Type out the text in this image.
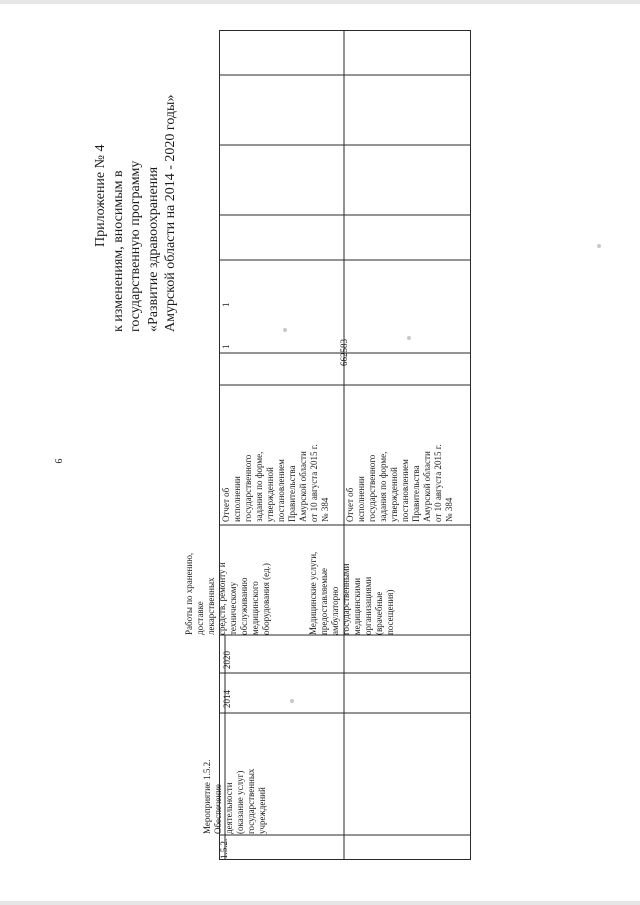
9
Приложение № 4 к изменениям, вносимым в государственную программу «Развитие здравоохранения Амурской области на 2014 - 2020 годы»
1.5.2.
Мероприятие 1.5.2. Обеспечение деятельности (оказание услуг) государственных учреждений
2014
2020
Работы по хранению, доставке лекарственных средств, ремонту и техническому обслуживанию медицинского оборудования (ед.)
Отчет об исполнении государственного задания по форме, утвержденной постановлением Правительства Амурской области от 10 августа 2015 г. № 384
1
1
Медицинские услуги, предоставляемые амбулаторно государственными медицинскими организациями (врачебные посещения)
Отчет об исполнении государственного задания по форме, утвержденной постановлением Правительства Амурской области от 10 августа 2015 г. № 384
662583
